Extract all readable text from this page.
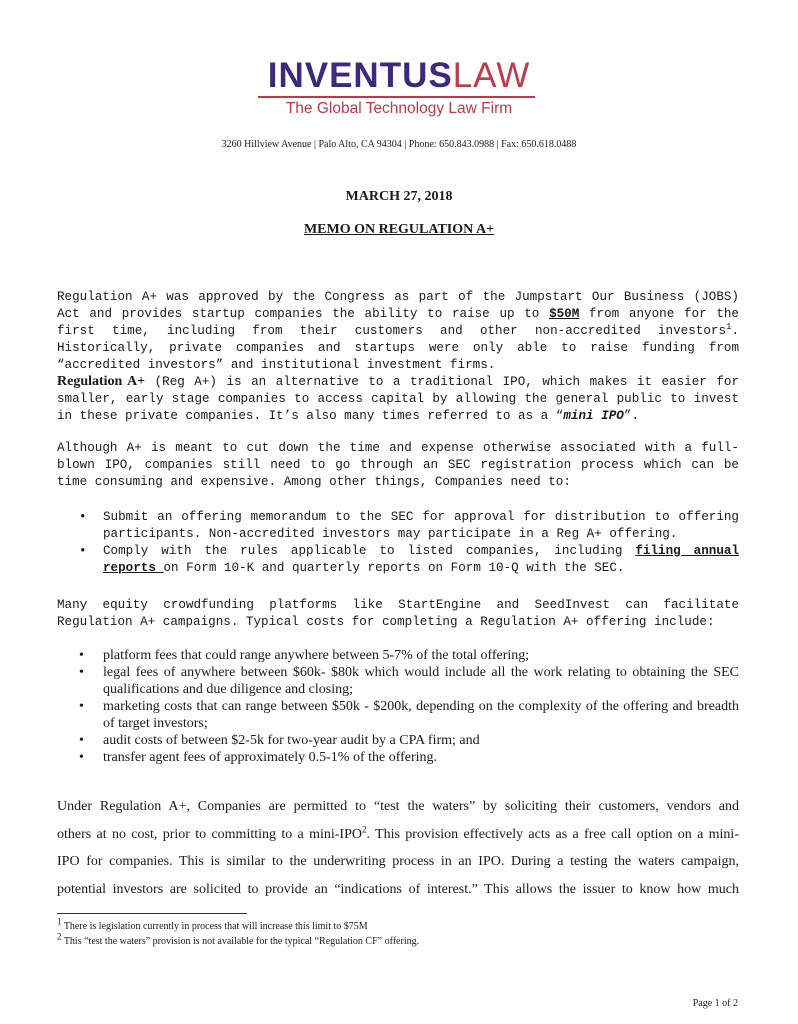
INVENTUSLAW
The Global Technology Law Firm
3260 Hillview Avenue | Palo Alto, CA 94304 | Phone: 650.843.0988 | Fax: 650.618.0488
MARCH 27, 2018
MEMO ON REGULATION A+

Regulation A+ was approved by the Congress as part of the Jumpstart Our Business (JOBS) Act and provides startup companies the ability to raise up to $50M from anyone for the first time, including from their customers and other non-accredited investors$^1$. Historically, private companies and startups were only able to raise funding from “accredited investors” and institutional investment firms.

Regulation A+ (Reg A+) is an alternative to a traditional IPO, which makes it easier for smaller, early stage companies to access capital by allowing the general public to invest in these private companies. It’s also many times referred to as a “mini IPO”.

Although A+ is meant to cut down the time and expense otherwise associated with a full-blown IPO, companies still need to go through an SEC registration process which can be time consuming and expensive. Among other things, Companies need to:

• Submit an offering memorandum to the SEC for approval for distribution to offering participants. Non-accredited investors may participate in a Reg A+ offering.
• Comply with the rules applicable to listed companies, including filing annual reports on Form 10-K and quarterly reports on Form 10-Q with the SEC.

Many equity crowdfunding platforms like StartEngine and SeedInvest can facilitate Regulation A+ campaigns. Typical costs for completing a Regulation A+ offering include:

• platform fees that could range anywhere between 5-7% of the total offering;
• legal fees of anywhere between $60k- $80k which would include all the work relating to obtaining the SEC qualifications and due diligence and closing;
• marketing costs that can range between $50k - $200k, depending on the complexity of the offering and breadth of target investors;
• audit costs of between $2-5k for two-year audit by a CPA firm; and
• transfer agent fees of approximately 0.5-1% of the offering.
Under Regulation A+, Companies are permitted to “test the waters” by soliciting their customers, vendors and
others at no cost, prior to committing to a mini-IPO$^2$. This provision effectively acts as a free call option on a mini-
IPO for companies. This is similar to the underwriting process in an IPO. During a testing the waters campaign,
potential investors are solicited to provide an “indications of interest.” This allows the issuer to know how much
$^1$ There is legislation currently in process that will increase this limit to $75M
$^2$ This “test the waters” provision is not available for the typical “Regulation CF” offering.
Page 1 of 2
